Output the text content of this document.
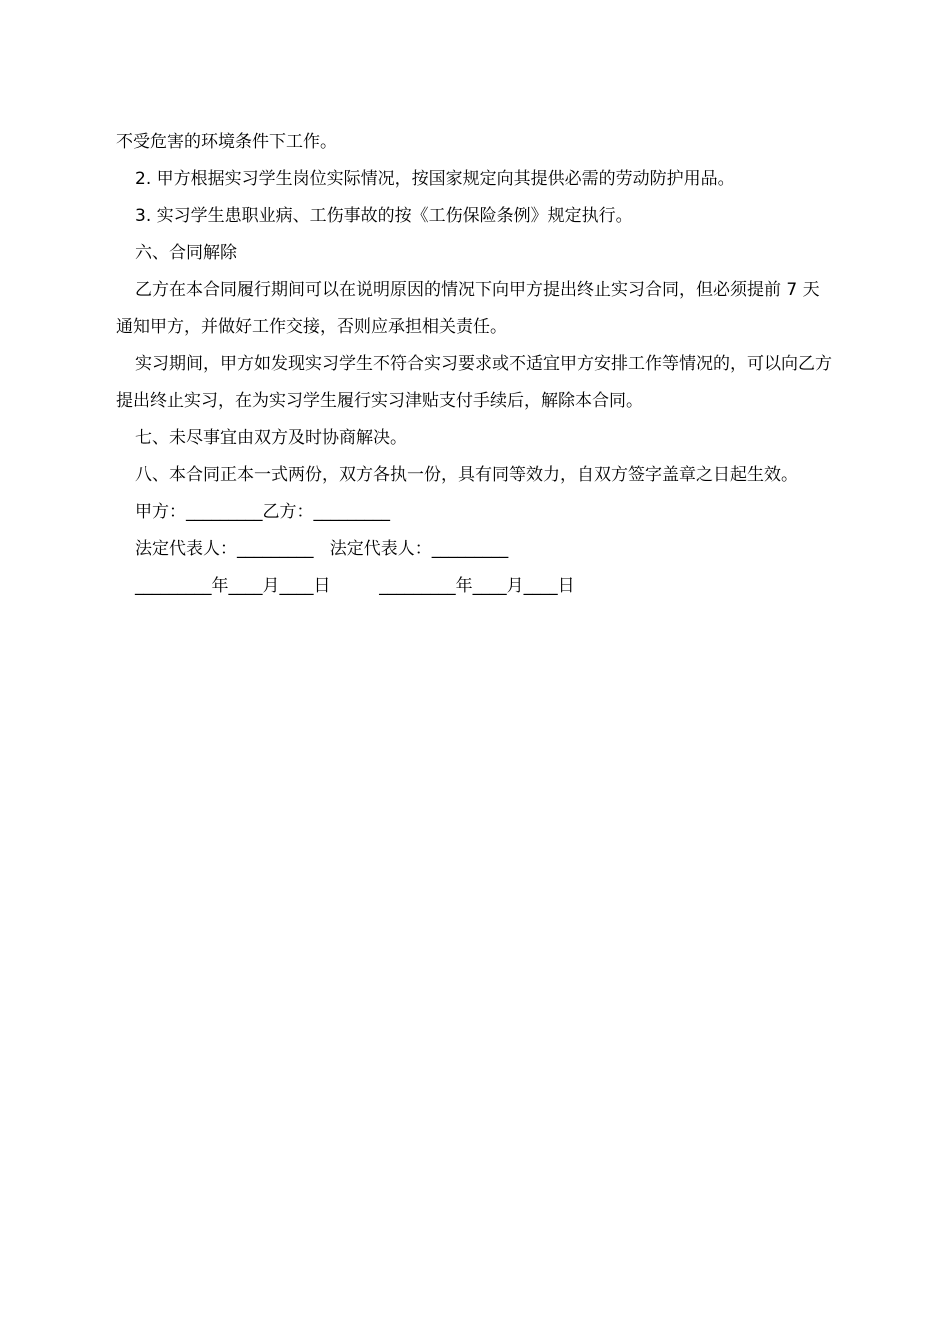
不受危害的环境条件下工作。

2. 甲方根据实习学生岗位实际情况，按国家规定向其提供必需的劳动防护用品。

3. 实习学生患职业病、工伤事故的按《工伤保险条例》规定执行。

六、合同解除

乙方在本合同履行期间可以在说明原因的情况下向甲方提出终止实习合同，但必须提前 7 天通知甲方，并做好工作交接，否则应承担相关责任。

实习期间，甲方如发现实习学生不符合实习要求或不适宜甲方安排工作等情况的，可以向乙方提出终止实习，在为实习学生履行实习津贴支付手续后，解除本合同。

七、未尽事宜由双方及时协商解决。

八、本合同正本一式两份，双方各执一份，具有同等效力，自双方签字盖章之日起生效。

甲方：_________乙方：_________

法定代表人：_________   法定代表人：_________

_________年____月____日         _________年____月____日
